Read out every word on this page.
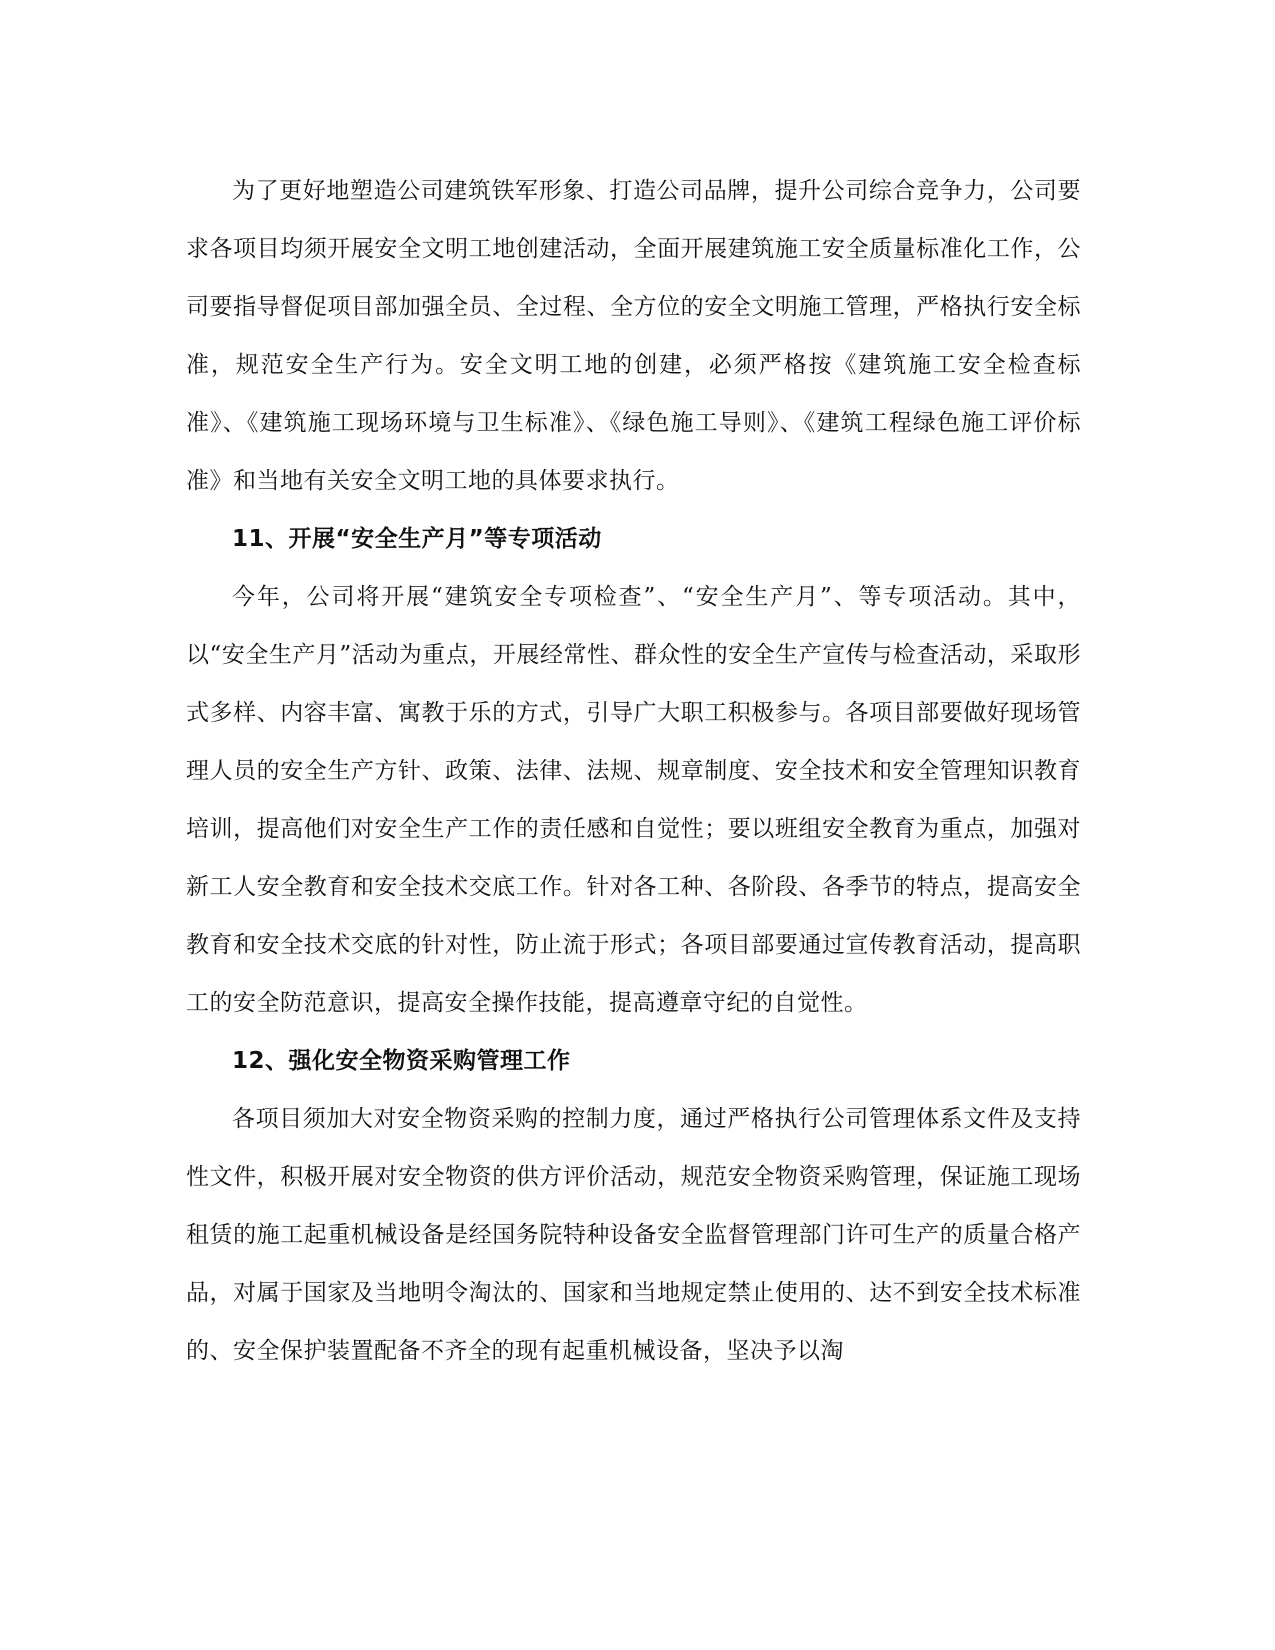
为了更好地塑造公司建筑铁军形象、打造公司品牌，提升公司综合竞争力，公司要求各项目均须开展安全文明工地创建活动，全面开展建筑施工安全质量标准化工作，公司要指导督促项目部加强全员、全过程、全方位的安全文明施工管理，严格执行安全标准，规范安全生产行为。安全文明工地的创建，必须严格按《建筑施工安全检查标准》、《建筑施工现场环境与卫生标准》、《绿色施工导则》、《建筑工程绿色施工评价标准》和当地有关安全文明工地的具体要求执行。

11、开展“安全生产月”等专项活动

今年，公司将开展“建筑安全专项检查”、“安全生产月”、等专项活动。其中，以“安全生产月”活动为重点，开展经常性、群众性的安全生产宣传与检查活动，采取形式多样、内容丰富、寓教于乐的方式，引导广大职工积极参与。各项目部要做好现场管理人员的安全生产方针、政策、法律、法规、规章制度、安全技术和安全管理知识教育培训，提高他们对安全生产工作的责任感和自觉性；要以班组安全教育为重点，加强对新工人安全教育和安全技术交底工作。针对各工种、各阶段、各季节的特点，提高安全教育和安全技术交底的针对性，防止流于形式；各项目部要通过宣传教育活动，提高职工的安全防范意识，提高安全操作技能，提高遵章守纪的自觉性。

12、强化安全物资采购管理工作

各项目须加大对安全物资采购的控制力度，通过严格执行公司管理体系文件及支持性文件，积极开展对安全物资的供方评价活动，规范安全物资采购管理，保证施工现场租赁的施工起重机械设备是经国务院特种设备安全监督管理部门许可生产的质量合格产品，对属于国家及当地明令淘汰的、国家和当地规定禁止使用的、达不到安全技术标准的、安全保护装置配备不齐全的现有起重机械设备，坚决予以淘
